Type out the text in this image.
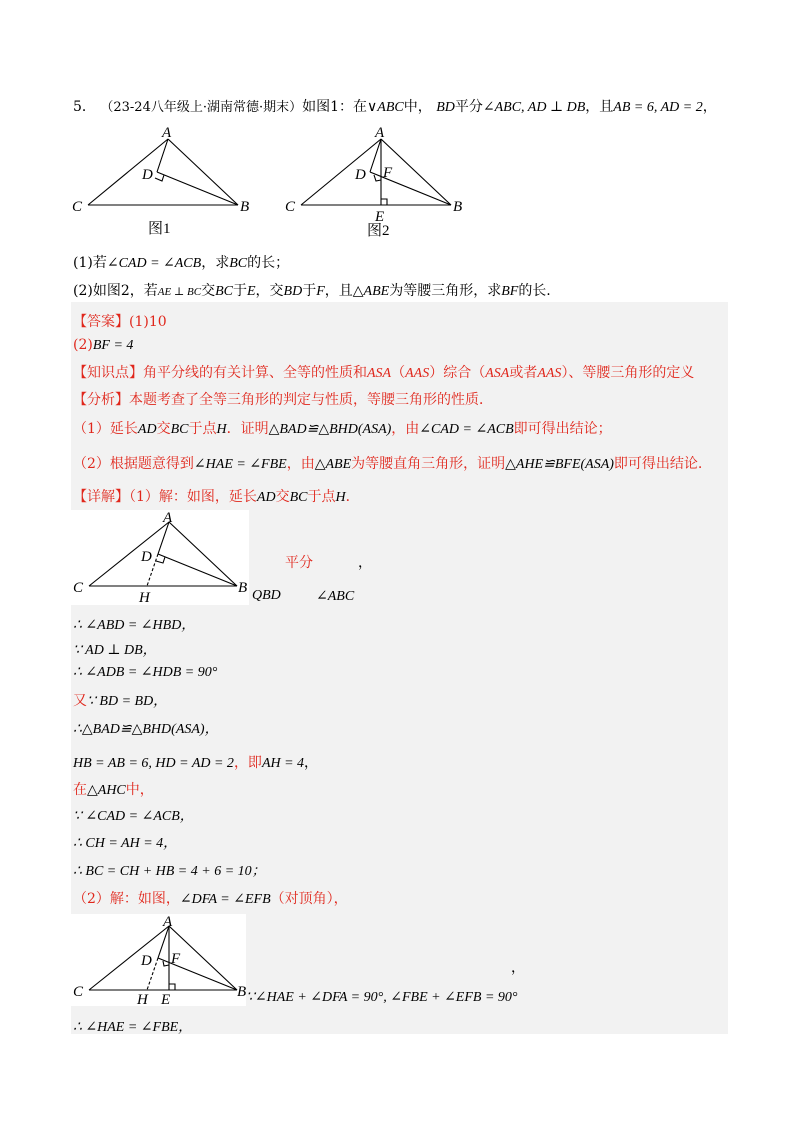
5． （23-24八年级上·湖南常德·期末）如图1：在∨ABC中， BD平分∠ABC, AD ⊥ DB，且AB = 6, AD = 2，
A
D
C	B
图1
A
D F
C	B
E
图2
(1)若∠CAD = ∠ACB，求BC的长；
(2)如图2，若AE ⊥ BC交BC于E，交BD于F，且△ABE为等腰三角形，求BF的长.
【答案】(1)10
(2)BF = 4
【知识点】角平分线的有关计算、全等的性质和ASA（AAS）综合（ASA或者AAS）、等腰三角形的定义
【分析】本题考查了全等三角形的判定与性质，等腰三角形的性质．
（1）延长AD交BC于点H．证明△BAD≌△BHD(ASA)，由∠CAD = ∠ACB即可得出结论；
（2）根据题意得到∠HAE = ∠FBE，由△ABE为等腰直角三角形，证明△AHE≌BFE(ASA)即可得出结论.
【详解】（1）解：如图，延长AD交BC于点H．
A
D
C	B
H
平分	，
QBD	∠ABC
∴ ∠ABD = ∠HBD，
∵ AD ⊥ DB，
∴ ∠ADB = ∠HDB = 90°
又∵ BD = BD，
∴△BAD≌△BHD(ASA)，
HB = AB = 6, HD = AD = 2，即AH = 4，
在△AHC中，
∵ ∠CAD = ∠ACB，
∴ CH = AH = 4，
∴ BC = CH + HB = 4 + 6 = 10；
（2）解：如图，∠DFA = ∠EFB（对顶角），
A
D F
C	B
H E
，
∵∠HAE + ∠DFA = 90°, ∠FBE + ∠EFB = 90°
∴ ∠HAE = ∠FBE，
